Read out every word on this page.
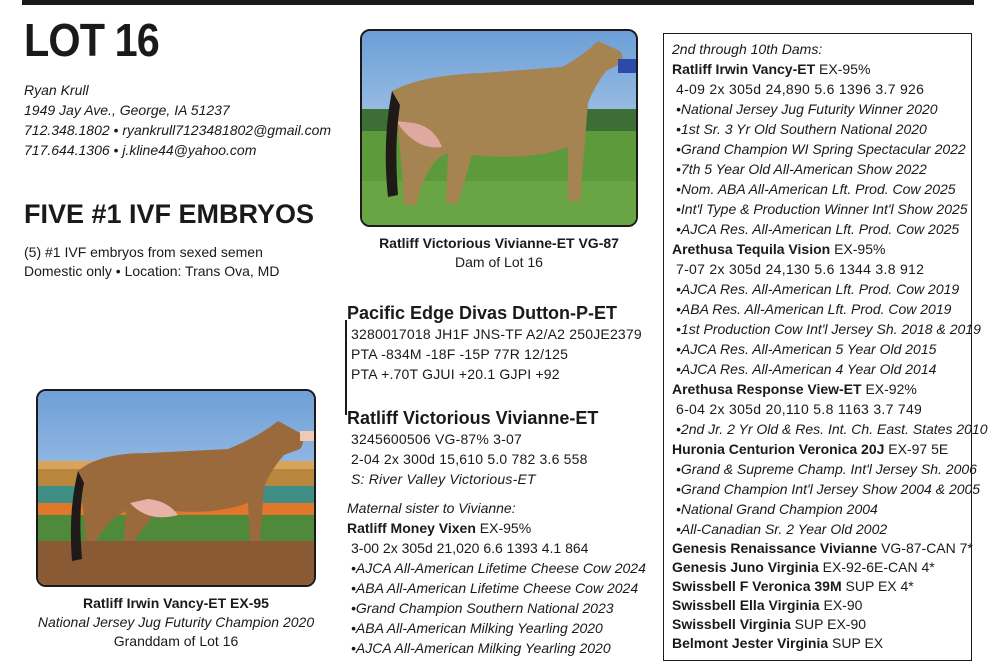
LOT 16
Ryan Krull
1949 Jay Ave., George, IA 51237
712.348.1802 • ryankrull7123481802@gmail.com
717.644.1306 • j.kline44@yahoo.com
FIVE #1 IVF EMBRYOS
(5) #1 IVF embryos from sexed semen
Domestic only • Location: Trans Ova, MD
Ratliff Irwin Vancy-ET EX-95
National Jersey Jug Futurity Champion 2020
Granddam of Lot 16
Ratliff Victorious Vivianne-ET VG-87
Dam of Lot 16
Pacific Edge Divas Dutton-P-ET
3280017018 JH1F JNS-TF A2/A2 250JE2379
PTA -834M -18F -15P 77R 12/125
PTA +.70T GJUI +20.1 GJPI +92
Ratliff Victorious Vivianne-ET
3245600506 VG-87% 3-07
2-04 2x 300d 15,610 5.0 782 3.6 558
S: River Valley Victorious-ET
Maternal sister to Vivianne:
Ratliff Money Vixen EX-95%
3-00 2x 305d 21,020 6.6 1393 4.1 864
•AJCA All-American Lifetime Cheese Cow 2024
•ABA All-American Lifetime Cheese Cow 2024
•Grand Champion Southern National 2023
•ABA All-American Milking Yearling 2020
•AJCA All-American Milking Yearling 2020
2nd through 10th Dams:
Ratliff Irwin Vancy-ET EX-95%
4-09 2x 305d 24,890 5.6 1396 3.7 926
•National Jersey Jug Futurity Winner 2020
•1st Sr. 3 Yr Old Southern National 2020
•Grand Champion WI Spring Spectacular 2022
•7th 5 Year Old All-American Show 2022
•Nom. ABA All-American Lft. Prod. Cow 2025
•Int'l Type & Production Winner Int'l Show 2025
•AJCA Res. All-American Lft. Prod. Cow 2025
Arethusa Tequila Vision EX-95%
7-07 2x 305d 24,130 5.6 1344 3.8 912
•AJCA Res. All-American Lft. Prod. Cow 2019
•ABA Res. All-American Lft. Prod. Cow 2019
•1st Production Cow Int'l Jersey Sh. 2018 & 2019
•AJCA Res. All-American 5 Year Old 2015
•AJCA Res. All-American 4 Year Old 2014
Arethusa Response View-ET EX-92%
6-04 2x 305d 20,110 5.8 1163 3.7 749
•2nd Jr. 2 Yr Old & Res. Int. Ch. East. States 2010
Huronia Centurion Veronica 20J EX-97 5E
•Grand & Supreme Champ. Int'l Jersey Sh. 2006
•Grand Champion Int'l Jersey Show 2004 & 2005
•National Grand Champion 2004
•All-Canadian Sr. 2 Year Old 2002
Genesis Renaissance Vivianne VG-87-CAN 7*
Genesis Juno Virginia EX-92-6E-CAN 4*
Swissbell F Veronica 39M SUP EX 4*
Swissbell Ella Virginia EX-90
Swissbell Virginia SUP EX-90
Belmont Jester Virginia SUP EX
